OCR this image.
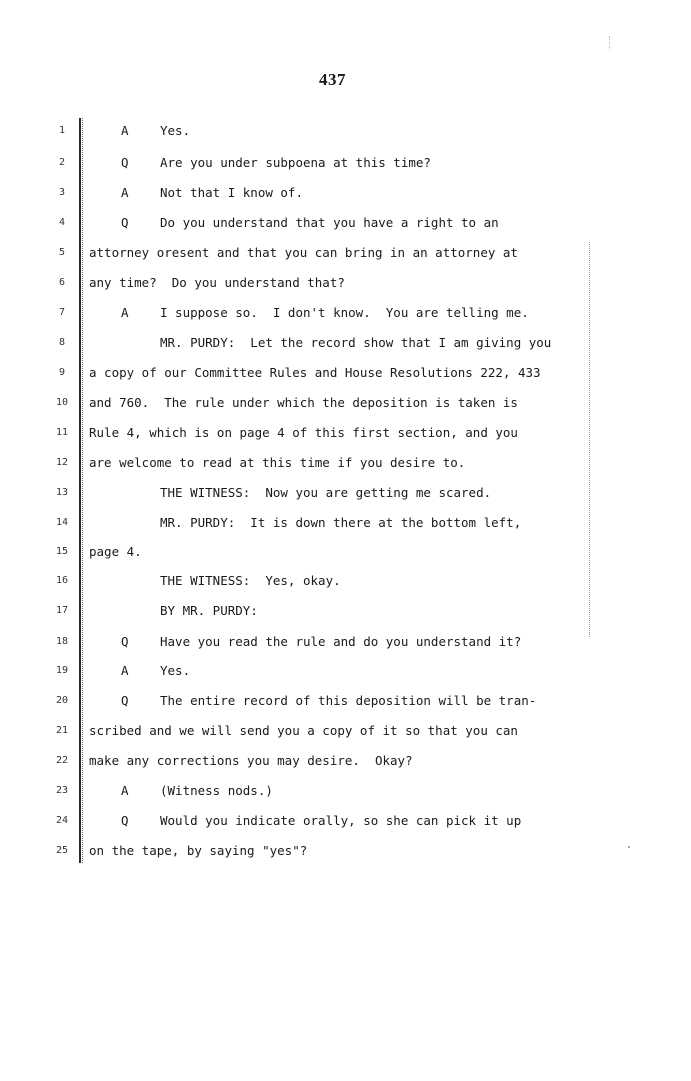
437
1	A	Yes.
2	Q	Are you under subpoena at this time?
3	A	Not that I know of.
4	Q	Do you understand that you have a right to an
5	attorney oresent and that you can bring in an attorney at
6	any time?  Do you understand that?
7	A	I suppose so.  I don't know.  You are telling me.
8	MR. PURDY:  Let the record show that I am giving you
9	a copy of our Committee Rules and House Resolutions 222, 433
10	and 760.  The rule under which the deposition is taken is
11	Rule 4, which is on page 4 of this first section, and you
12	are welcome to read at this time if you desire to.
13	THE WITNESS:  Now you are getting me scared.
14	MR. PURDY:  It is down there at the bottom left,
15	page 4.
16	THE WITNESS:  Yes, okay.
17	BY MR. PURDY:
18	Q	Have you read the rule and do you understand it?
19	A	Yes.
20	Q	The entire record of this deposition will be tran-
21	scribed and we will send you a copy of it so that you can
22	make any corrections you may desire.  Okay?
23	A	(Witness nods.)
24	Q	Would you indicate orally, so she can pick it up
25	on the tape, by saying "yes"?
